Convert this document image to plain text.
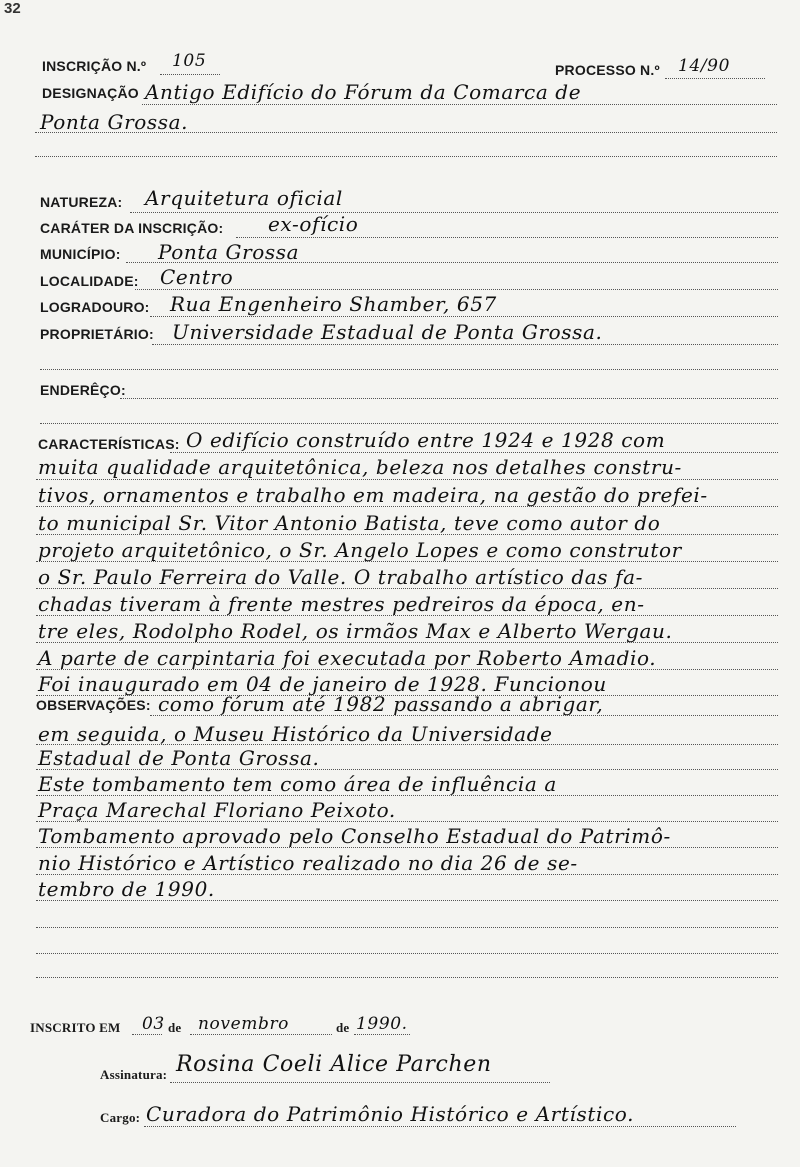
32
INSCRIÇÃO N.º 105	PROCESSO N.º 14/90
DESIGNAÇÃO Antigo Edifício do Fórum da Comarca de
Ponta Grossa.
NATUREZA: Arquitetura oficial
CARÁTER DA INSCRIÇÃO: ex-ofício
MUNICÍPIO: Ponta Grossa
LOCALIDADE: Centro
LOGRADOURO: Rua Engenheiro Shamber, 657
PROPRIETÁRIO: Universidade Estadual de Ponta Grossa.
ENDERÊÇO:
CARACTERÍSTICAS: O edifício construído entre 1924 e 1928 com
muita qualidade arquitetônica, beleza nos detalhes constru-
tivos, ornamentos e trabalho em madeira, na gestão do prefei-
to municipal Sr. Vitor Antonio Batista, teve como autor do
projeto arquitetônico, o Sr. Angelo Lopes e como construtor
o Sr. Paulo Ferreira do Valle. O trabalho artístico das fa-
chadas tiveram à frente mestres pedreiros da época, en-
tre eles, Rodolpho Rodel, os irmãos Max e Alberto Wergau.
A parte de carpintaria foi executada por Roberto Amadio.
Foi inaugurado em 04 de janeiro de 1928. Funcionou
OBSERVAÇÕES: como fórum até 1982 passando a abrigar,
em seguida, o Museu Histórico da Universidade
Estadual de Ponta Grossa.
Este tombamento tem como área de influência a
Praça Marechal Floriano Peixoto.
Tombamento aprovado pelo Conselho Estadual do Patrimô-
nio Histórico e Artístico realizado no dia 26 de se-
tembro de 1990.
INSCRITO EM 03 de novembro	de 1990.
Assinatura: Rosina Coeli Alice Parchen
Cargo: Curadora do Patrimônio Histórico e Artístico.
